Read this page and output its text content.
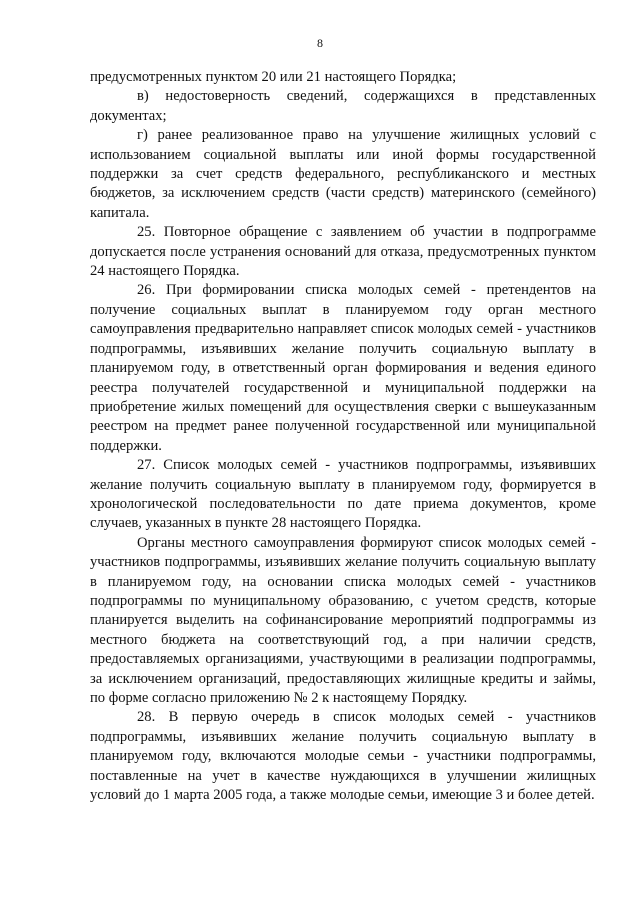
8

предусмотренных пунктом 20 или 21 настоящего Порядка;

в) недостоверность сведений, содержащихся в представленных документах;

г) ранее реализованное право на улучшение жилищных условий с использованием социальной выплаты или иной формы государственной поддержки за счет средств федерального, республиканского и местных бюджетов, за исключением средств (части средств) материнского (семейного) капитала.

25. Повторное обращение с заявлением об участии в подпрограмме допускается после устранения оснований для отказа, предусмотренных пунктом 24 настоящего Порядка.

26. При формировании списка молодых семей - претендентов на получение социальных выплат в планируемом году орган местного самоуправления предварительно направляет список молодых семей - участников подпрограммы, изъявивших желание получить социальную выплату в планируемом году, в ответственный орган формирования и ведения единого реестра получателей государственной и муниципальной поддержки на приобретение жилых помещений для осуществления сверки с вышеуказанным реестром на предмет ранее полученной государственной или муниципальной поддержки.

27. Список молодых семей - участников подпрограммы, изъявивших желание получить социальную выплату в планируемом году, формируется в хронологической последовательности по дате приема документов, кроме случаев, указанных в пункте 28 настоящего Порядка.

Органы местного самоуправления формируют список молодых семей - участников подпрограммы, изъявивших желание получить социальную выплату в планируемом году, на основании списка молодых семей - участников подпрограммы по муниципальному образованию, с учетом средств, которые планируется выделить на софинансирование мероприятий подпрограммы из местного бюджета на соответствующий год, а при наличии средств, предоставляемых организациями, участвующими в реализации подпрограммы, за исключением организаций, предоставляющих жилищные кредиты и займы, по форме согласно приложению № 2 к настоящему Порядку.

28. В первую очередь в список молодых семей - участников подпрограммы, изъявивших желание получить социальную выплату в планируемом году, включаются молодые семьи - участники подпрограммы, поставленные на учет в качестве нуждающихся в улучшении жилищных условий до 1 марта 2005 года, а также молодые семьи, имеющие 3 и более детей.
